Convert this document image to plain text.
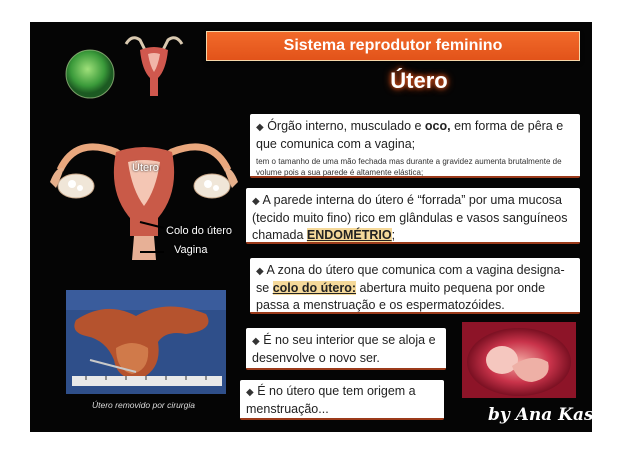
Sistema reprodutor feminino
Útero
Útero
Colo do útero
Vagina
Útero removido por cirurgia
◆ Órgão interno, musculado e oco, em forma de pêra e que comunica com a vagina;
tem o tamanho de uma mão fechada mas durante a gravidez aumenta brutalmente de volume pois a sua parede é altamente elástica;
◆ A parede interna do útero é “forrada” por uma mucosa (tecido muito fino) rico em glândulas e vasos sanguíneos chamada ENDOMÉTRIO;
◆ A zona do útero que comunica com a vagina designa-se colo do útero: abertura muito pequena por onde passa a menstruação e os espermatozóides.
◆ É no seu interior que se aloja e desenvolve o novo ser.
◆ É no útero que tem origem a menstruação...	by Ana Kastro
